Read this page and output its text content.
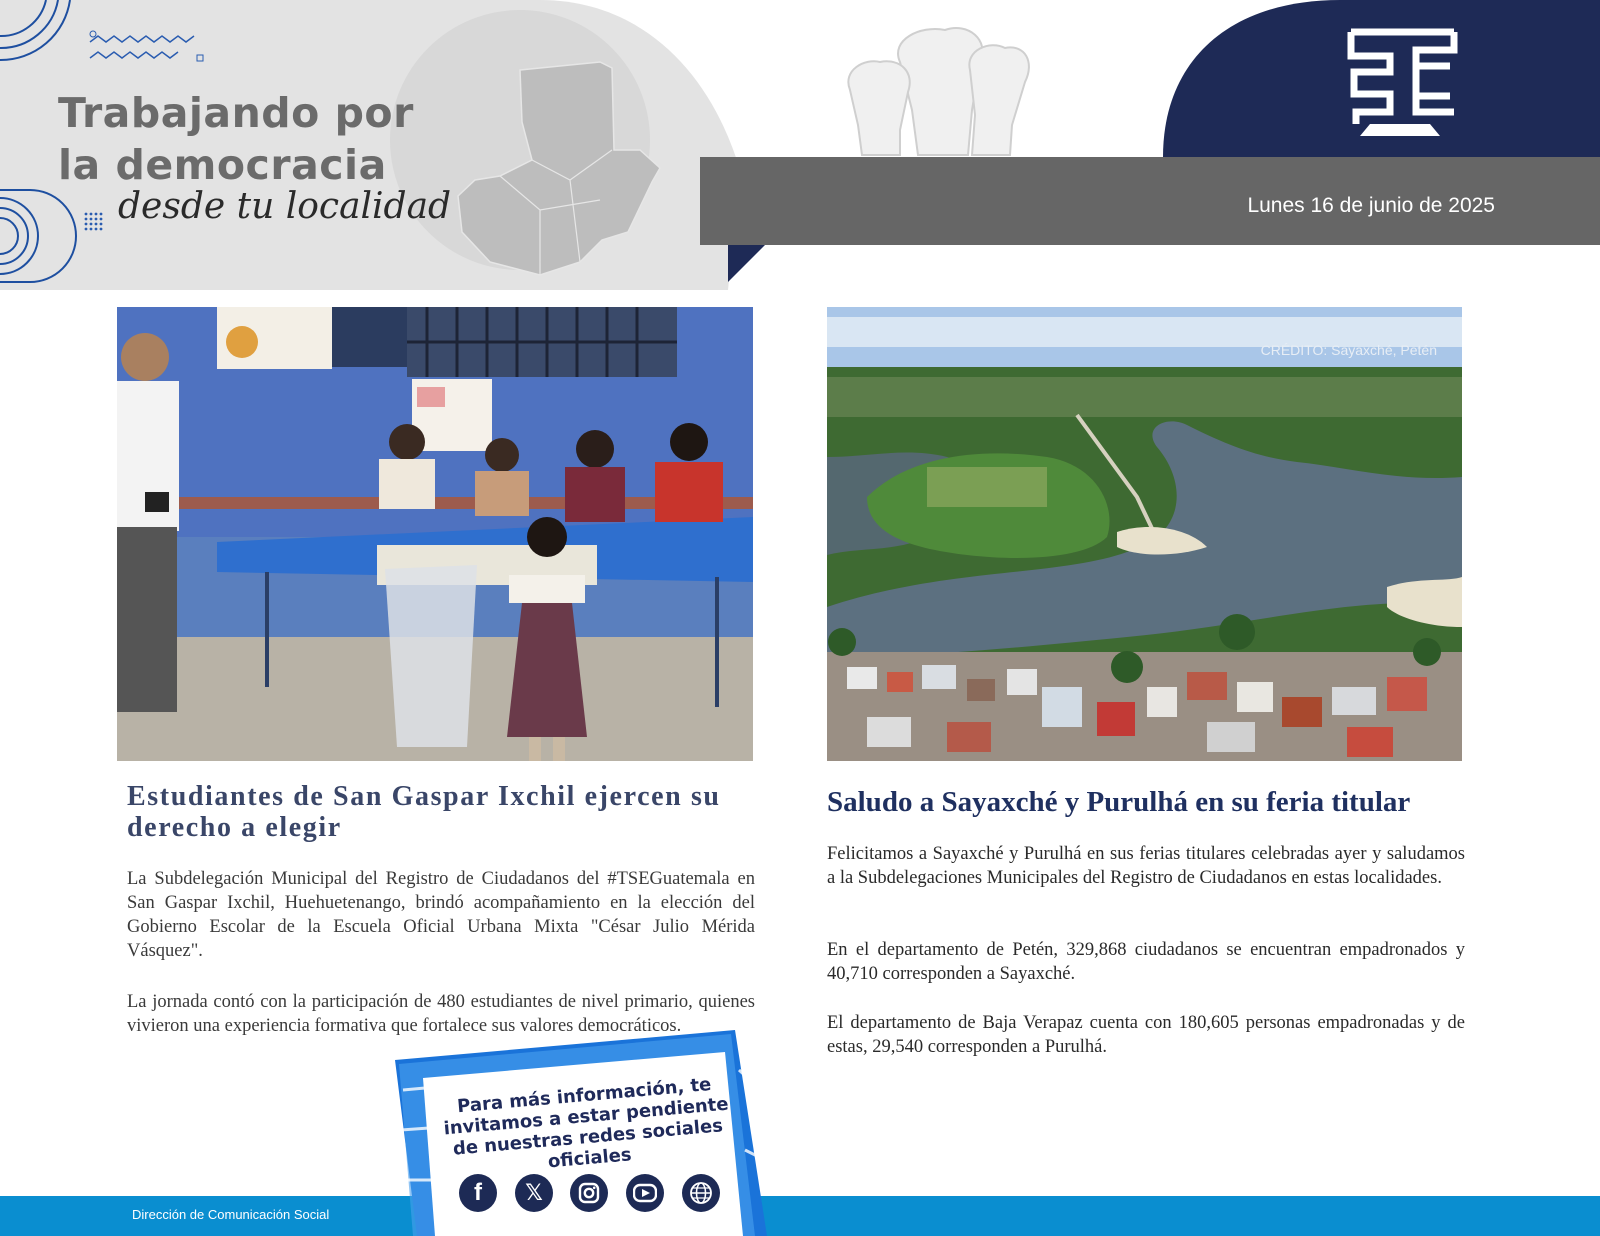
Trabajando por
la democracia
desde tu localidad	Lunes 16 de junio de 2025
CRÉDITO: Sayaxché, Petén
Estudiantes de San Gaspar Ixchil ejercen su derecho a elegir
La Subdelegación Municipal del Registro de Ciudadanos del #TSEGuatemala en San Gaspar Ixchil, Huehuetenango, brindó acompañamiento en la elección del Gobierno Escolar de la Escuela Oficial Urbana Mixta "César Julio Mérida Vásquez".
La jornada contó con la participación de 480 estudiantes de nivel primario, quienes vivieron una experiencia formativa que fortalece sus valores democráticos.
Saludo a Sayaxché y Purulhá en su feria titular
Felicitamos a Sayaxché y Purulhá en sus ferias titulares celebradas ayer y saludamos a la Subdelegaciones Municipales del Registro de Ciudadanos en estas localidades.
En el departamento de Petén, 329,868 ciudadanos se encuentran empadronados y 40,710 corresponden a Sayaxché.
El departamento de Baja Verapaz cuenta con 180,605 personas empadronadas y de estas, 29,540 corresponden a Purulhá.
Dirección de Comunicación Social
Para más información, te invitamos a estar pendiente de nuestras redes sociales oficiales
f	𝕏
